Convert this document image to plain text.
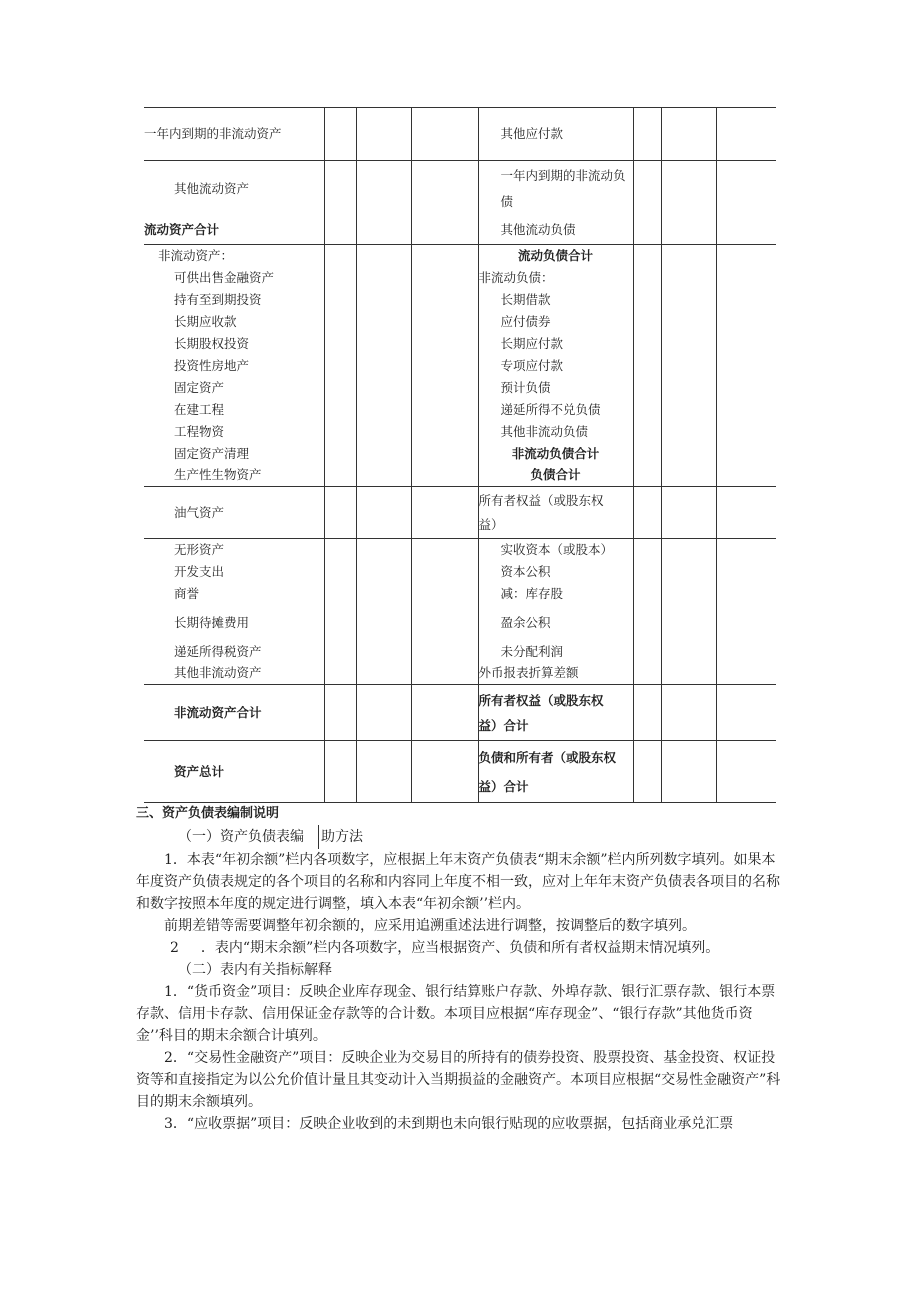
一年内到期的非流动资产				其他应付款			
其他流动资产				一年内到期的非流动负债			
流动资产合计				其他流动负债			
非流动资产：				流动负债合计			
可供出售金融资产				非流动负债：			
持有至到期投资				长期借款			
长期应收款				应付债券			
长期股权投资				长期应付款			
投资性房地产				专项应付款			
固定资产				预计负债			
在建工程				递延所得不兑负债			
工程物资				其他非流动负债			
固定资产清理				非流动负债合计			
生产性生物资产				负债合计			
油气资产				所有者权益（或股东权益）			
无形资产				实收资本（或股本）			
开发支出				资本公积			
商誉				减：库存股			
长期待摊费用				盈余公积			
递延所得税资产				未分配利润			
其他非流动资产				外币报表折算差额			
非流动资产合计				所有者权益（或股东权益）合计			
资产总计				负债和所有者（或股东权益）合计			

三、资产负债表编制说明

（一）资产负债表编 助方法

1．本表“年初余额”栏内各项数字，应根据上年末资产负债表“期末余额”栏内所列数字填列。如果本年度资产负债表规定的各个项目的名称和内容同上年度不相一致，应对上年年末资产负债表各项目的名称和数字按照本年度的规定进行调整，填入本表“年初余额’’栏内。

前期差错等需要调整年初余额的，应采用追溯重述法进行调整，按调整后的数字填列。

2 ．表内“期末余额”栏内各项数字，应当根据资产、负债和所有者权益期末情况填列。

（二）表内有关指标解释

1．“货币资金”项目：反映企业库存现金、银行结算账户存款、外埠存款、银行汇票存款、银行本票存款、信用卡存款、信用保证金存款等的合计数。本项目应根据“库存现金”、“银行存款”其他货币资金’’科目的期末余额合计填列。

2．“交易性金融资产”项目：反映企业为交易目的所持有的债券投资、股票投资、基金投资、权证投资等和直接指定为以公允价值计量且其变动计入当期损益的金融资产。本项目应根据“交易性金融资产”科目的期末余额填列。

3．“应收票据”项目：反映企业收到的未到期也未向银行贴现的应收票据，包括商业承兑汇票
